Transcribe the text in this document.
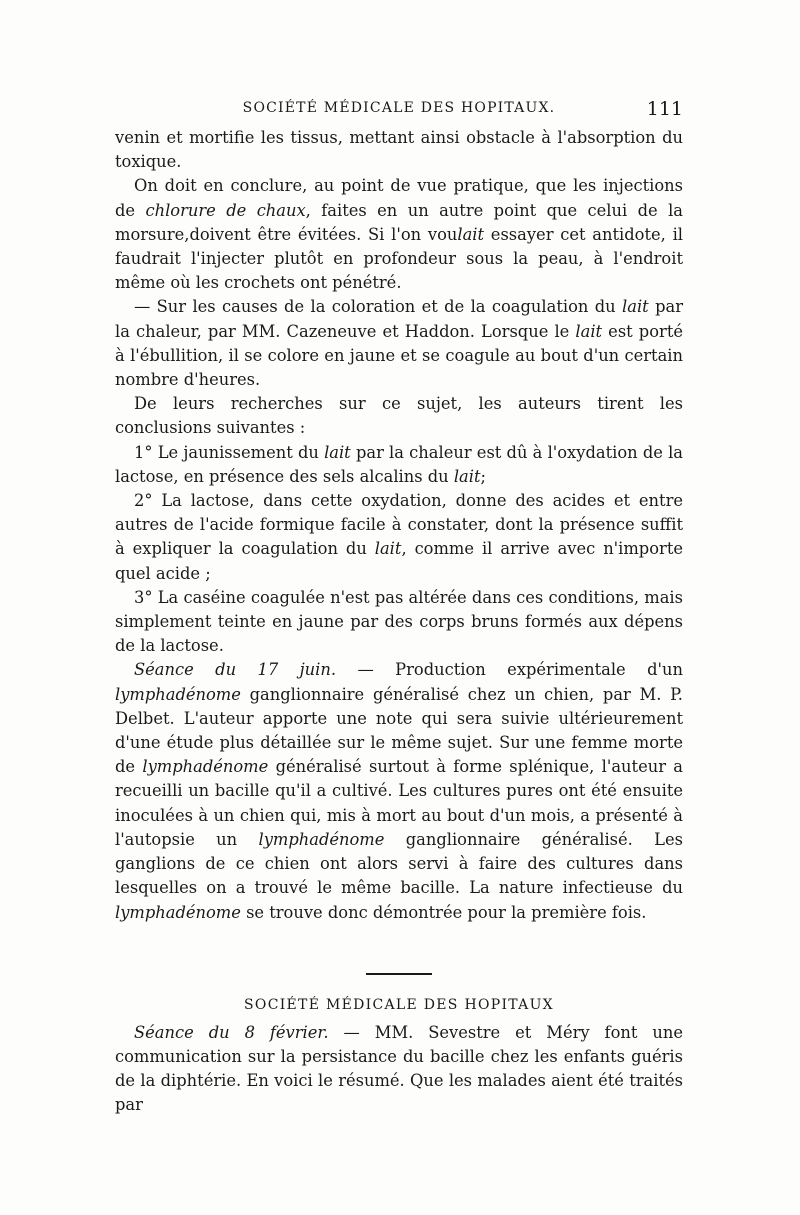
SOCIÉTÉ MÉDICALE DES HOPITAUX.	111

venin et mortifie les tissus, mettant ainsi obstacle à l'absorption du toxique.

On doit en conclure, au point de vue pratique, que les injections de chlorure de chaux, faites en un autre point que celui de la morsure,doivent être évitées. Si l'on voulait essayer cet antidote, il faudrait l'injecter plutôt en profondeur sous la peau, à l'endroit même où les crochets ont pénétré.

— Sur les causes de la coloration et de la coagulation du lait par la chaleur, par MM. Cazeneuve et Haddon. Lorsque le lait est porté à l'ébullition, il se colore en jaune et se coagule au bout d'un certain nombre d'heures.

De leurs recherches sur ce sujet, les auteurs tirent les conclusions suivantes :

1° Le jaunissement du lait par la chaleur est dû à l'oxydation de la lactose, en présence des sels alcalins du lait;

2° La lactose, dans cette oxydation, donne des acides et entre autres de l'acide formique facile à constater, dont la présence suffit à expliquer la coagulation du lait, comme il arrive avec n'importe quel acide ;

3° La caséine coagulée n'est pas altérée dans ces conditions, mais simplement teinte en jaune par des corps bruns formés aux dépens de la lactose.

Séance du 17 juin. — Production expérimentale d'un lymphadénome ganglionnaire généralisé chez un chien, par M. P. Delbet. L'auteur apporte une note qui sera suivie ultérieurement d'une étude plus détaillée sur le même sujet. Sur une femme morte de lymphadénome généralisé surtout à forme splénique, l'auteur a recueilli un bacille qu'il a cultivé. Les cultures pures ont été ensuite inoculées à un chien qui, mis à mort au bout d'un mois, a présenté à l'autopsie un lymphadénome ganglionnaire généralisé. Les ganglions de ce chien ont alors servi à faire des cultures dans lesquelles on a trouvé le même bacille. La nature infectieuse du lymphadénome se trouve donc démontrée pour la première fois.

SOCIÉTÉ MÉDICALE DES HOPITAUX

Séance du 8 février. — MM. Sevestre et Méry font une communication sur la persistance du bacille chez les enfants guéris de la diphtérie. En voici le résumé. Que les malades aient été traités par
